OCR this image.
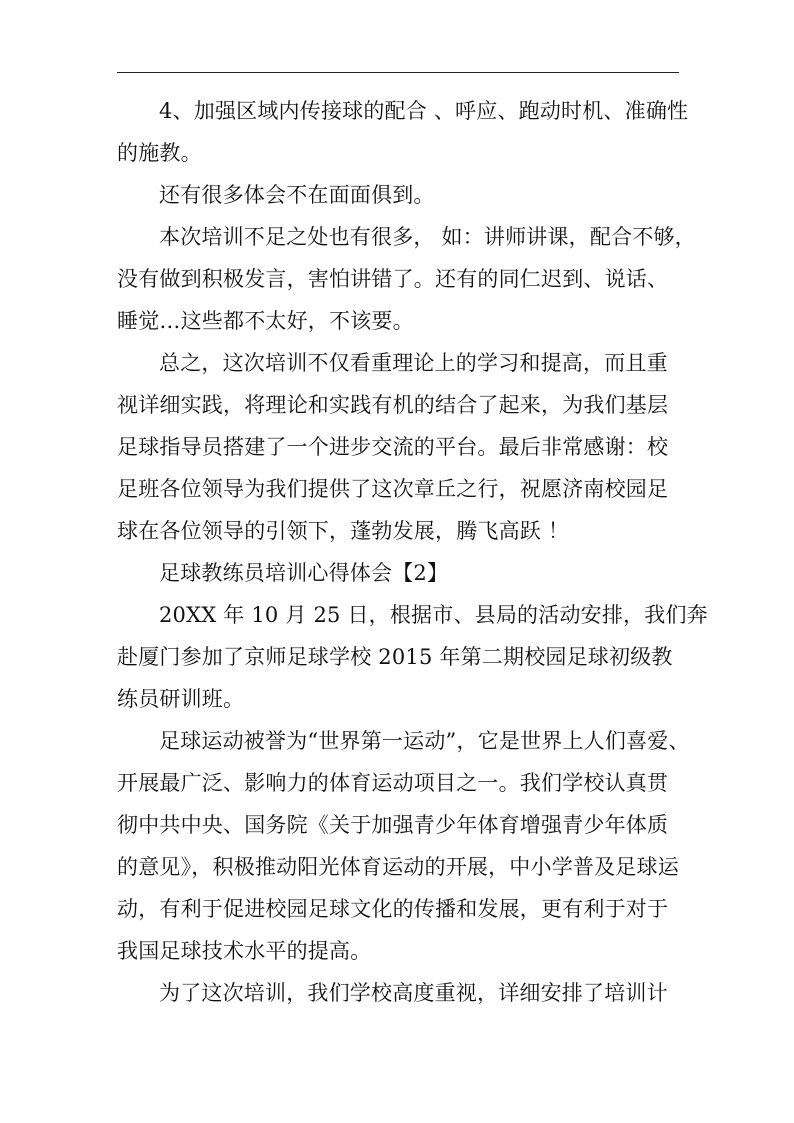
4、加强区域内传接球的配合 、呼应、跑动时机、准确性
的施教。
还有很多体会不在面面俱到。
本次培训不足之处也有很多， 如：讲师讲课，配合不够，
没有做到积极发言，害怕讲错了。还有的同仁迟到、说话、
睡觉…这些都不太好，不该要。
总之，这次培训不仅看重理论上的学习和提高，而且重
视详细实践，将理论和实践有机的结合了起来，为我们基层
足球指导员搭建了一个进步交流的平台。最后非常感谢：校
足班各位领导为我们提供了这次章丘之行，祝愿济南校园足
球在各位领导的引领下，蓬勃发展，腾飞高跃 ！
足球教练员培训心得体会【2】
20XX 年 10 月 25 日，根据市、县局的活动安排，我们奔
赴厦门参加了京师足球学校 2015 年第二期校园足球初级教
练员研训班。
足球运动被誉为“世界第一运动”，它是世界上人们喜爱、
开展最广泛、影响力的体育运动项目之一。我们学校认真贯
彻中共中央、国务院《关于加强青少年体育增强青少年体质
的意见》，积极推动阳光体育运动的开展，中小学普及足球运
动，有利于促进校园足球文化的传播和发展，更有利于对于
我国足球技术水平的提高。
为了这次培训，我们学校高度重视，详细安排了培训计
